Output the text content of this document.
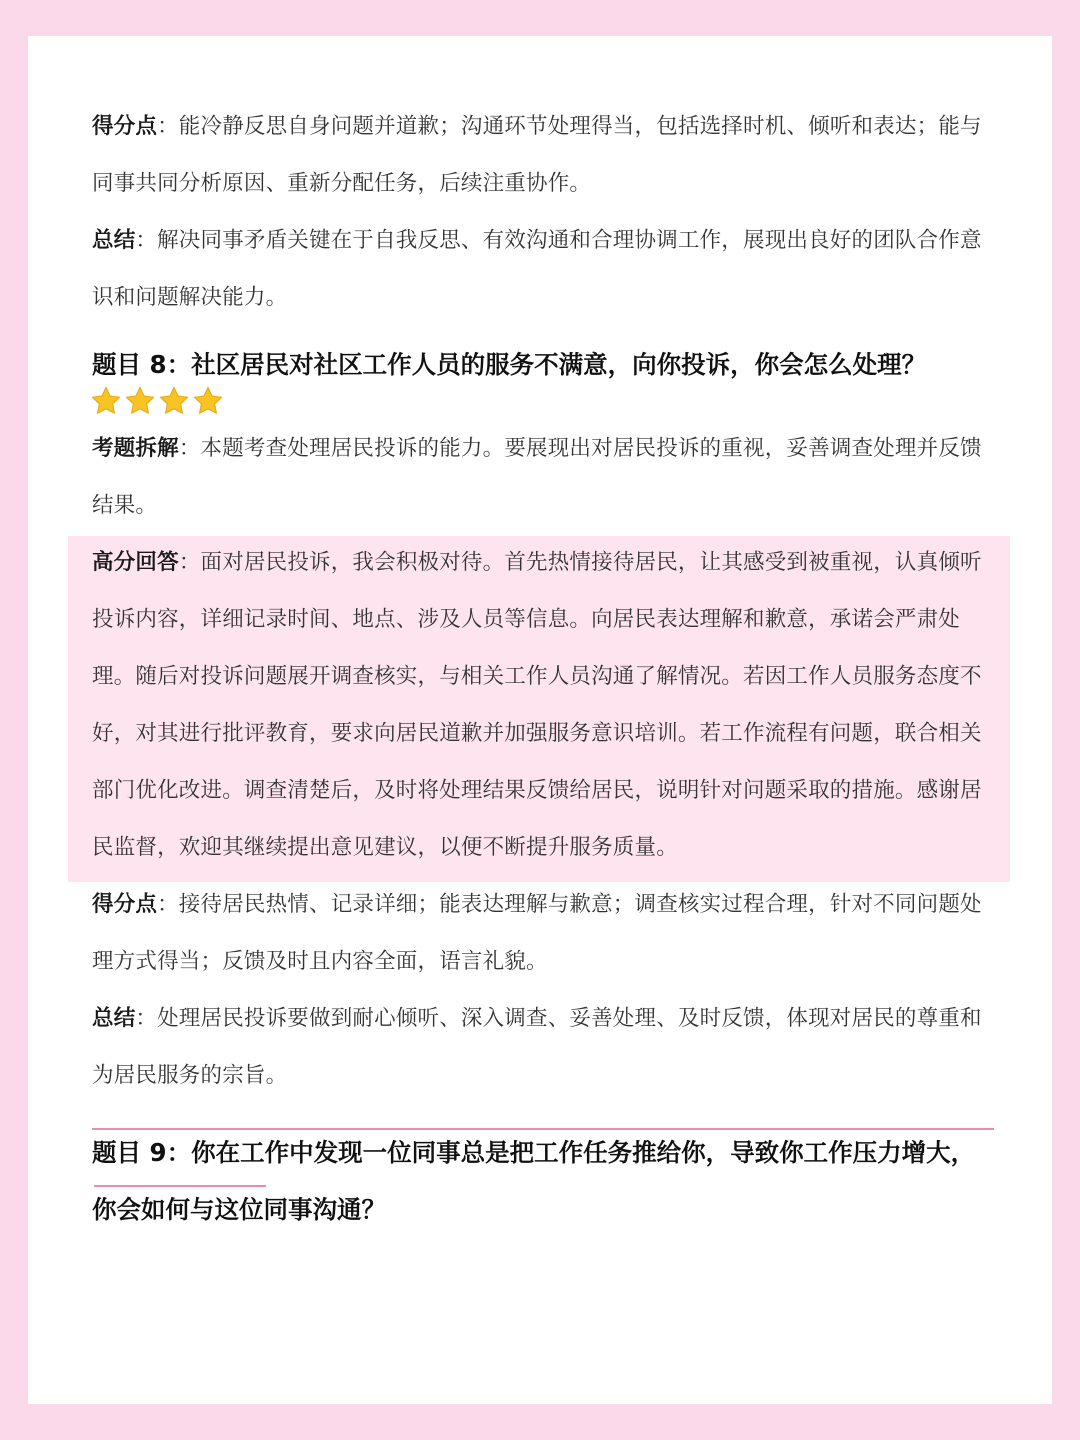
得分点：能冷静反思自身问题并道歉；沟通环节处理得当，包括选择时机、倾听和表达；能与同事共同分析原因、重新分配任务，后续注重协作。

总结：解决同事矛盾关键在于自我反思、有效沟通和合理协调工作，展现出良好的团队合作意识和问题解决能力。

题目 8：社区居民对社区工作人员的服务不满意，向你投诉，你会怎么处理？

考题拆解：本题考查处理居民投诉的能力。要展现出对居民投诉的重视，妥善调查处理并反馈结果。

高分回答：面对居民投诉，我会积极对待。首先热情接待居民，让其感受到被重视，认真倾听投诉内容，详细记录时间、地点、涉及人员等信息。向居民表达理解和歉意，承诺会严肃处理。随后对投诉问题展开调查核实，与相关工作人员沟通了解情况。若因工作人员服务态度不好，对其进行批评教育，要求向居民道歉并加强服务意识培训。若工作流程有问题，联合相关部门优化改进。调查清楚后，及时将处理结果反馈给居民，说明针对问题采取的措施。感谢居民监督，欢迎其继续提出意见建议，以便不断提升服务质量。

得分点：接待居民热情、记录详细；能表达理解与歉意；调查核实过程合理，针对不同问题处理方式得当；反馈及时且内容全面，语言礼貌。

总结：处理居民投诉要做到耐心倾听、深入调查、妥善处理、及时反馈，体现对居民的尊重和为居民服务的宗旨。

题目 9：你在工作中发现一位同事总是把工作任务推给你，导致你工作压力增大，你会如何与这位同事沟通？
